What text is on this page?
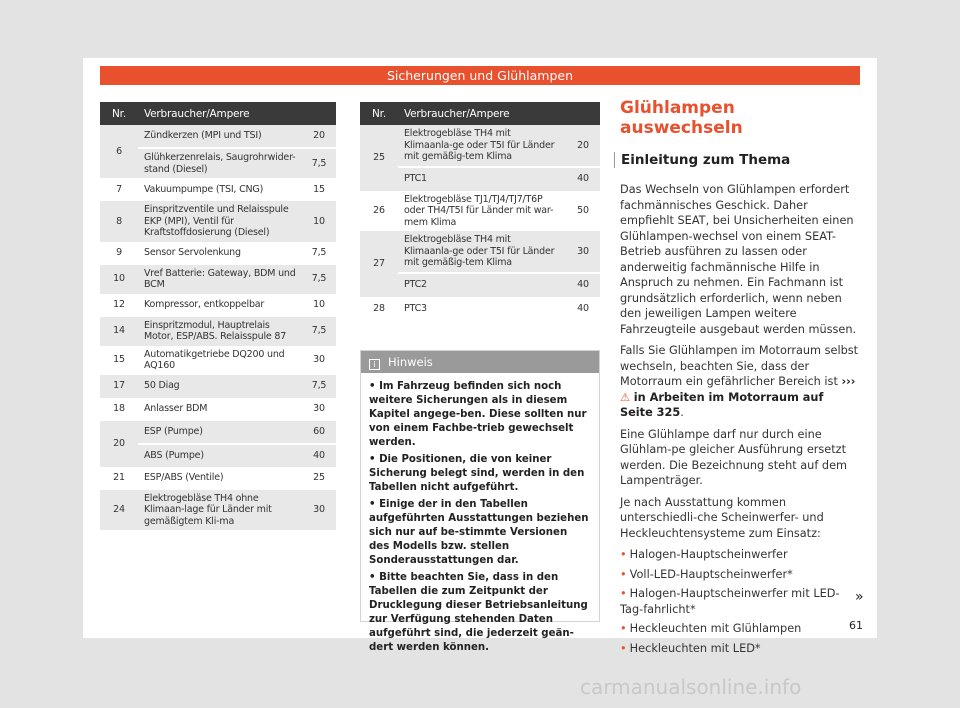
Sicherungen und Glühlampen
Nr.	Verbraucher/Ampere	
6	Zündkerzen (MPI und TSI)	20
	Glühkerzenrelais, Saugrohrwider-stand (Diesel)	7,5
7	Vakuumpumpe (TSI, CNG)	15
8	Einspritzventile und Relaisspule EKP (MPI), Ventil für Kraftstoffdosierung (Diesel)	10
9	Sensor Servolenkung	7,5
10	Vref Batterie: Gateway, BDM und BCM	7,5
12	Kompressor, entkoppelbar	10
14	Einspritzmodul, Hauptrelais Motor, ESP/ABS. Relaisspule 87	7,5
15	Automatikgetriebe DQ200 und AQ160	30
17	50 Diag	7,5
18	Anlasser BDM	30
20	ESP (Pumpe)	60
	ABS (Pumpe)	40
21	ESP/ABS (Ventile)	25
24	Elektrogebläse TH4 ohne Klimaan-lage für Länder mit gemäßigtem Kli-ma	30
Nr.	Verbraucher/Ampere	
25	Elektrogebläse TH4 mit Klimaanla-ge oder T5I für Länder mit gemäßig-tem Klima	20
	PTC1	40
26	Elektrogebläse TJ1/TJ4/TJ7/T6P oder TH4/T5I für Länder mit war-mem Klima	50
27	Elektrogebläse TH4 mit Klimaanla-ge oder T5I für Länder mit gemäßig-tem Klima	30
	PTC2	40
28	PTC3	40
i Hinweis
• Im Fahrzeug befinden sich noch weitere Sicherungen als in diesem Kapitel angege-ben. Diese sollten nur von einem Fachbe-trieb gewechselt werden.
• Die Positionen, die von keiner Sicherung belegt sind, werden in den Tabellen nicht aufgeführt.
• Einige der in den Tabellen aufgeführten Ausstattungen beziehen sich nur auf be-stimmte Versionen des Modells bzw. stellen Sonderausstattungen dar.
• Bitte beachten Sie, dass in den Tabellen die zum Zeitpunkt der Drucklegung dieser Betriebsanleitung zur Verfügung stehenden Daten aufgeführt sind, die jederzeit geän-dert werden können.
Glühlampen auswechseln
Einleitung zum Thema

Das Wechseln von Glühlampen erfordert fachmännisches Geschick. Daher empfiehlt SEAT, bei Unsicherheiten einen Glühlampen-wechsel von einem SEAT-Betrieb ausführen zu lassen oder anderweitig fachmännische Hilfe in Anspruch zu nehmen. Ein Fachmann ist grundsätzlich erforderlich, wenn neben den jeweiligen Lampen weitere Fahrzeugteile ausgebaut werden müssen.

Falls Sie Glühlampen im Motorraum selbst wechseln, beachten Sie, dass der Motorraum ein gefährlicher Bereich ist ››› ⚠ in Arbeiten im Motorraum auf Seite 325.

Eine Glühlampe darf nur durch eine Glühlam-pe gleicher Ausführung ersetzt werden. Die Bezeichnung steht auf dem Lampenträger.

Je nach Ausstattung kommen unterschiedli-che Scheinwerfer- und Heckleuchtensysteme zum Einsatz:

• Halogen-Hauptscheinwerfer
• Voll-LED-Hauptscheinwerfer*
• Halogen-Hauptscheinwerfer mit LED-Tag-fahrlicht*
• Heckleuchten mit Glühlampen
• Heckleuchten mit LED*
»
61
carmanualsonline.info
